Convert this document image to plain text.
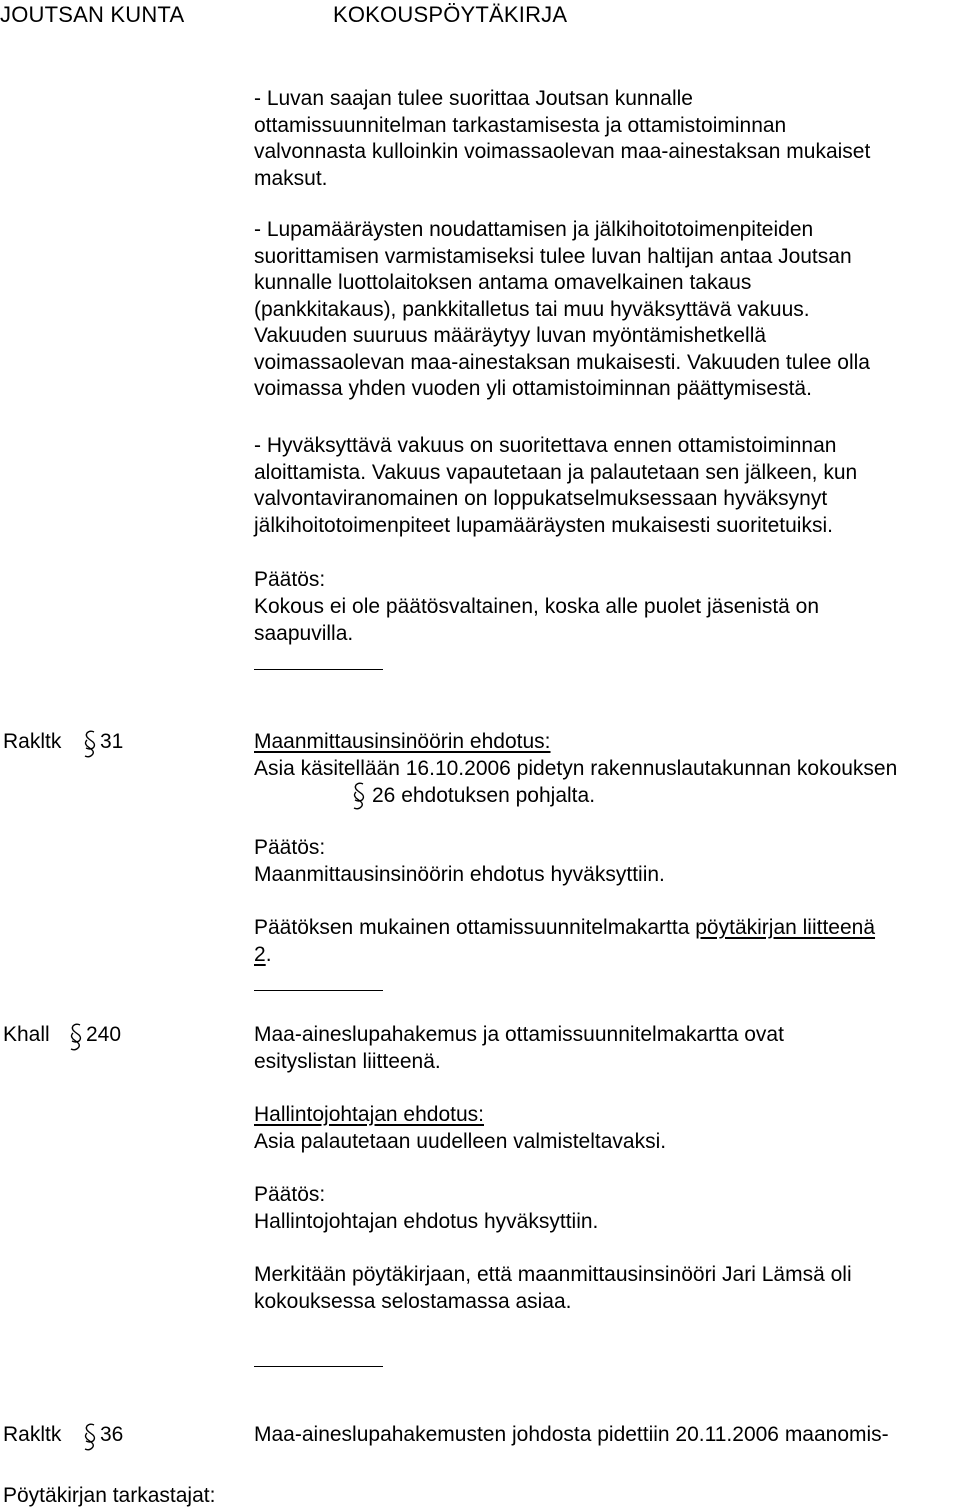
JOUTSAN KUNTA	KOKOUSPÖYTÄKIRJA
- Luvan saajan tulee suorittaa Joutsan kunnalle
ottamissuunnitelman tarkastamisesta ja ottamistoiminnan
valvonnasta kulloinkin voimassaolevan maa-ainestaksan mukaiset
maksut.
- Lupamääräysten noudattamisen ja jälkihoitotoimenpiteiden
suorittamisen varmistamiseksi tulee luvan haltijan antaa Joutsan
kunnalle luottolaitoksen antama omavelkainen takaus
(pankkitakaus), pankkitalletus tai muu hyväksyttävä vakuus.
Vakuuden suuruus määräytyy luvan myöntämishetkellä
voimassaolevan maa-ainestaksan mukaisesti. Vakuuden tulee olla
voimassa yhden vuoden yli ottamistoiminnan päättymisestä.
- Hyväksyttävä vakuus on suoritettava ennen ottamistoiminnan
aloittamista. Vakuus vapautetaan ja palautetaan sen jälkeen, kun
valvontaviranomainen on loppukatselmuksessaan hyväksynyt
jälkihoitotoimenpiteet lupamääräysten mukaisesti suoritetuiksi.
Päätös:
Kokous ei ole päätösvaltainen, koska alle puolet jäsenistä on
saapuvilla.
Rakltk 31	Maanmittausinsinöörin ehdotus:
Asia käsitellään 16.10.2006 pidetyn rakennuslautakunnan kokouksen
26 ehdotuksen pohjalta.
Päätös:
Maanmittausinsinöörin ehdotus hyväksyttiin.
Päätöksen mukainen ottamissuunnitelmakartta pöytäkirjan liitteenä
2.
Khall 240	Maa-aineslupahakemus ja ottamissuunnitelmakartta ovat
esityslistan liitteenä.
Hallintojohtajan ehdotus:
Asia palautetaan uudelleen valmisteltavaksi.
Päätös:
Hallintojohtajan ehdotus hyväksyttiin.
Merkitään pöytäkirjaan, että maanmittausinsinööri Jari Lämsä oli
kokouksessa selostamassa asiaa.
Rakltk 36	Maa-aineslupahakemusten johdosta pidettiin 20.11.2006 maanomis-
Pöytäkirjan tarkastajat:
